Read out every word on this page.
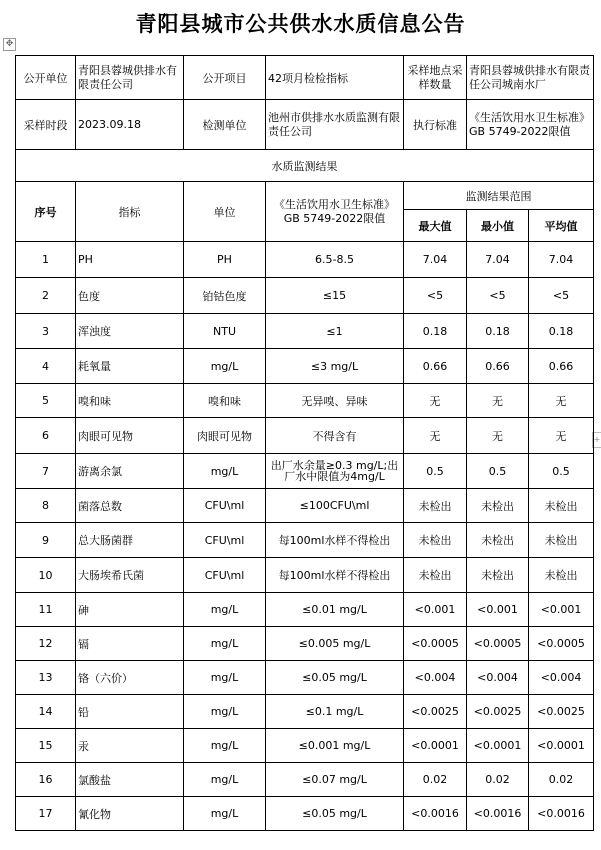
青阳县城市公共供水水质信息公告
✥
+
公开单位	青阳县蓉城供排水有限责任公司	公开项目	42项月检检指标	采样地点采样数量	青阳县蓉城供排水有限责任公司城南水厂	
采样时段	2023.09.18	检测单位	池州市供排水水质监测有限责任公司	执行标准	《生活饮用水卫生标准》GB 5749-2022限值	
水质监测结果						
序号	指标	单位	《生活饮用水卫生标准》GB 5749-2022限值	监测结果范围		
				最大值	最小值	平均值
1	PH	PH	6.5-8.5	7.04	7.04	7.04
2	色度	铂钴色度	≤15	<5	<5	<5
3	浑浊度	NTU	≤1	0.18	0.18	0.18
4	耗氧量	mg/L	≤3 mg/L	0.66	0.66	0.66
5	嗅和味	嗅和味	无异嗅、异味	无	无	无
6	肉眼可见物	肉眼可见物	不得含有	无	无	无
7	游离余氯	mg/L	出厂水余量≥0.3 mg/L;出厂水中限值为4mg/L	0.5	0.5	0.5
8	菌落总数	CFU\ml	≤100CFU\ml	未检出	未检出	未检出
9	总大肠菌群	CFU\ml	每100ml水样不得检出	未检出	未检出	未检出
10	大肠埃希氏菌	CFU\ml	每100ml水样不得检出	未检出	未检出	未检出
11	砷	mg/L	≤0.01 mg/L	<0.001	<0.001	<0.001
12	镉	mg/L	≤0.005 mg/L	<0.0005	<0.0005	<0.0005
13	铬（六价）	mg/L	≤0.05 mg/L	<0.004	<0.004	<0.004
14	铅	mg/L	≤0.1 mg/L	<0.0025	<0.0025	<0.0025
15	汞	mg/L	≤0.001 mg/L	<0.0001	<0.0001	<0.0001
16	氯酸盐	mg/L	≤0.07 mg/L	0.02	0.02	0.02
17	氰化物	mg/L	≤0.05 mg/L	<0.0016	<0.0016	<0.0016
